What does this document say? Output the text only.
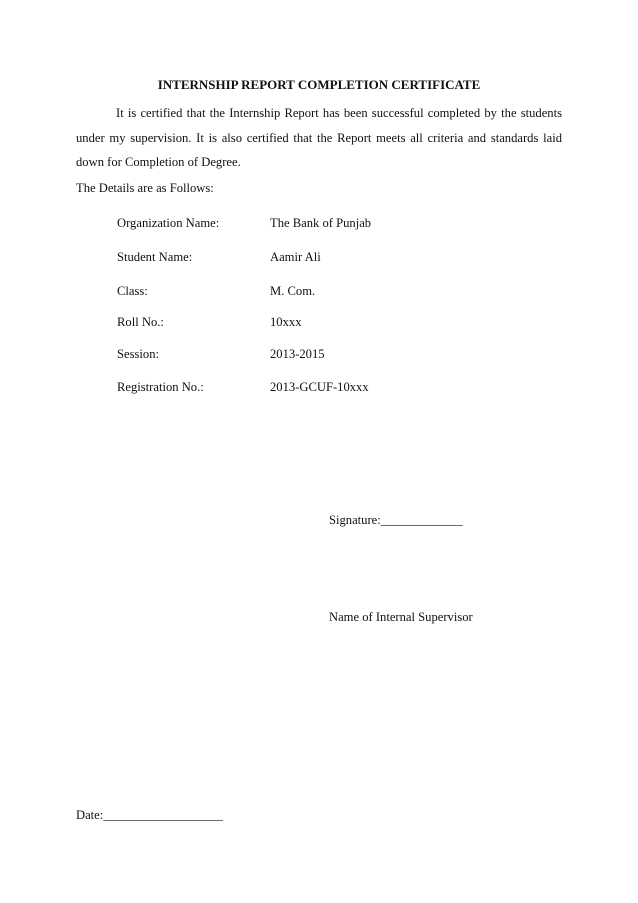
INTERNSHIP REPORT COMPLETION CERTIFICATE
It is certified that the Internship Report has been successful completed by the students under my supervision. It is also certified that the Report meets all criteria and standards laid down for Completion of Degree.
The Details are as Follows:
Organization Name:	The Bank of Punjab
Student Name:	Aamir Ali
Class:	M. Com.
Roll No.:	10xxx
Session:	2013-2015
Registration No.:	2013-GCUF-10xxx
Signature:_____________
Name of Internal Supervisor
Date:___________________
